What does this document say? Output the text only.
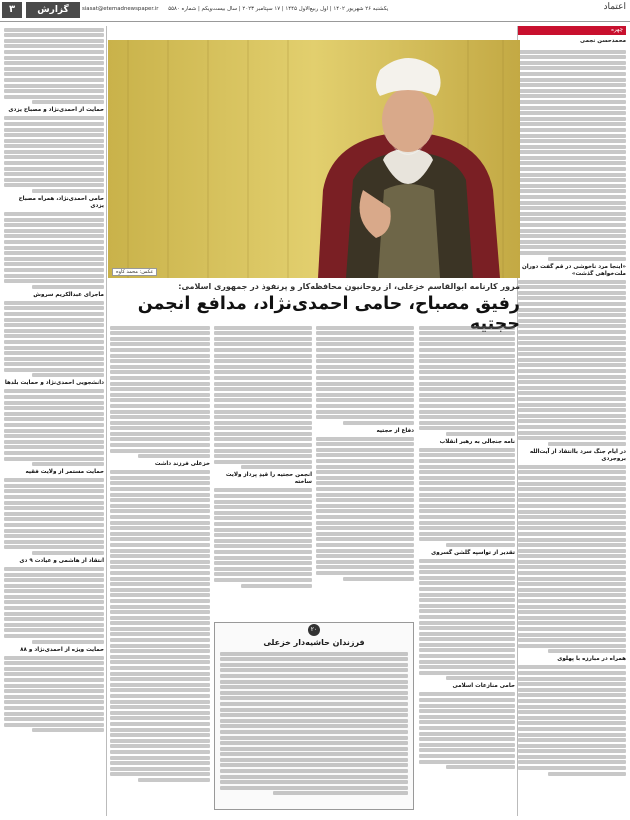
اعتماد
یکشنبه ۲۶ شهریور ۱۴۰۲ | اول ربیع‌الاول ۱۴۴۵ | ۱۷ سپتامبر ۲۰۲۳ | سال بیست‌و‌یکم | شماره ۵۵۸۰ siasat@etemadnewspaper.ir
گزارش
۳
چهره
محمدحسن نجمی
«اینجا مرد ناخوشی در قم گفت دوران ملت‌خواهی گذشت»
در ایام جنگ سرد باانتقاد از آیت‌الله بروجردی
همراه در مبارزه با پهلوی
عکس: محمد کاوه
مرور کارنامه ابوالقاسم خزعلی، از روحانیون محافظه‌کار و پرنفوذ در جمهوری اسلامی:
رفیق مصباح، حامی احمدی‌نژاد، مدافع انجمن حجتیه
نامه جنجالی به رهبر انقلاب
تقدیر از تواسپه گلشن گسروی
حامی منازعات اسلامی
دفاع از حجتیه
انجمن حجتیه را قیدِ پرداز ولایت ساخته
خزعلی فرزند داشت
۲۰
فرزندان حاشیه‌دار خزعلی
حمایت از احمدی‌نژاد و مصباح یزدی
حامی احمدی‌نژاد، همراه مصباح یزدی
ماجرای عبدالکریم سروش
دانشجویی احمدی‌نژاد و حمایت بلدها
حمایت مستمر از ولایت فقیه
انتقاد از هاشمی و عیادت ۹ دی
حمایت ویژه از احمدی‌نژاد و ۸۸
